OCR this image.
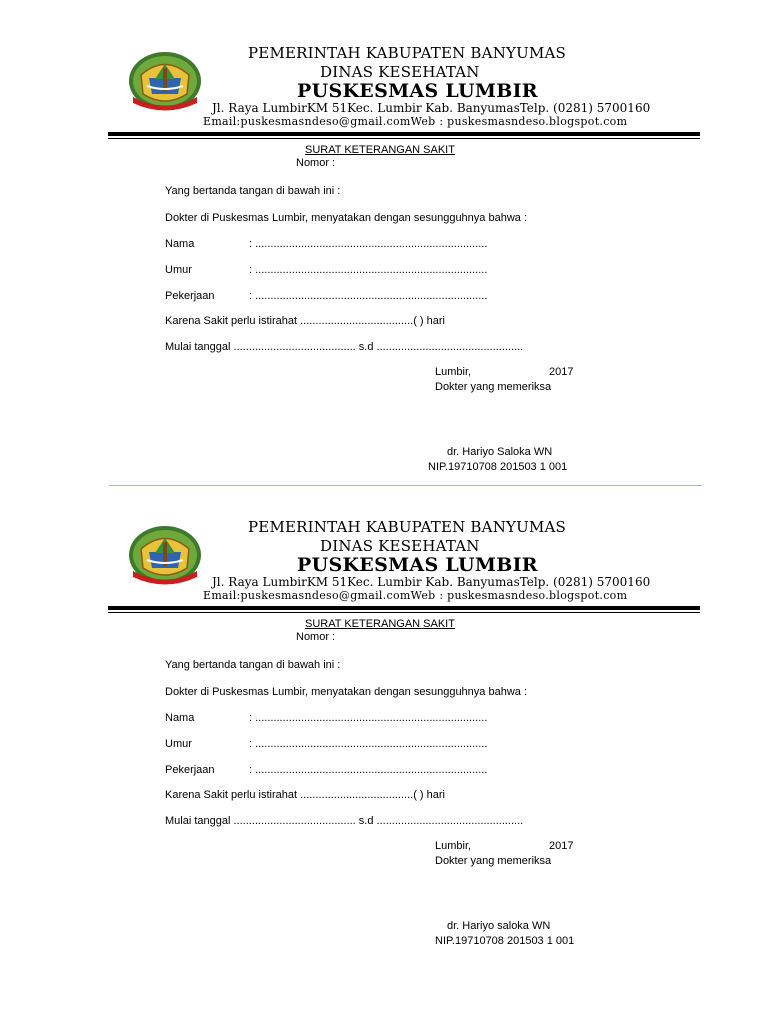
PEMERINTAH KABUPATEN BANYUMAS
DINAS KESEHATAN
PUSKESMAS LUMBIR
Jl. Raya LumbirKM 51Kec. Lumbir Kab. BanyumasTelp. (0281) 5700160
Email:puskesmasndeso@gmail.comWeb : puskesmasndeso.blogspot.com
SURAT KETERANGAN SAKIT
Nomor :
Yang bertanda tangan di bawah ini :
Dokter di Puskesmas Lumbir, menyatakan dengan sesungguhnya bahwa :
Nama	: ............................................................................
Umur	: ............................................................................
Pekerjaan	: ............................................................................
Karena Sakit perlu istirahat .....................................( ) hari
Mulai tanggal ........................................ s.d ................................................
Lumbir,	2017
Dokter yang memeriksa
dr. Hariyo Saloka WN
NIP.19710708 201503 1 001
PEMERINTAH KABUPATEN BANYUMAS
DINAS KESEHATAN
PUSKESMAS LUMBIR
Jl. Raya LumbirKM 51Kec. Lumbir Kab. BanyumasTelp. (0281) 5700160
Email:puskesmasndeso@gmail.comWeb : puskesmasndeso.blogspot.com
SURAT KETERANGAN SAKIT
Nomor :
Yang bertanda tangan di bawah ini :
Dokter di Puskesmas Lumbir, menyatakan dengan sesungguhnya bahwa :
Nama	: ............................................................................
Umur	: ............................................................................
Pekerjaan	: ............................................................................
Karena Sakit perlu istirahat .....................................( ) hari
Mulai tanggal ........................................ s.d ................................................
Lumbir,	2017
Dokter yang memeriksa
dr. Hariyo saloka WN
NIP.19710708 201503 1 001
